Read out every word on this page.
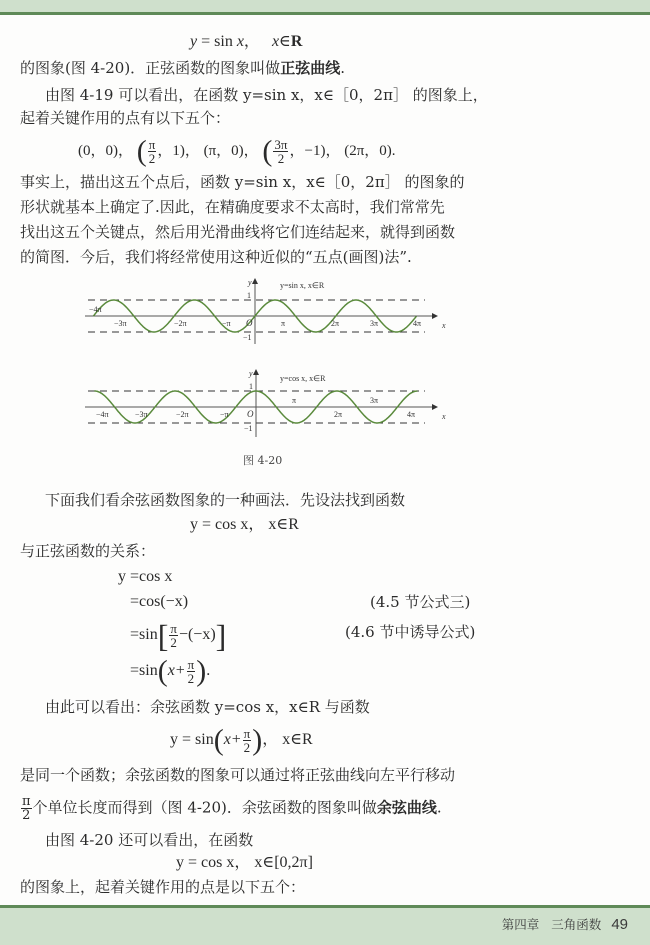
y = sin x， x∈R
的图象(图 4-20)．正弦函数的图象叫做正弦曲线.
由图 4-19 可以看出，在函数 y=sin x，x∈［0，2π］ 的图象上，
起着关键作用的点有以下五个：
(0，0)， ( $\frac{\pi}{2}$ ，1)， (π，0)， ( $\frac{3\pi}{2}$ ，−1)， (2π，0).
事实上，描出这五个点后，函数 y=sin x，x∈［0，2π］ 的图象的
形状就基本上确定了.因此，在精确度要求不太高时，我们常常先
找出这五个关键点，然后用光滑曲线将它们连结起来，就得到函数
的简图．今后，我们将经常使用这种近似的“五点(画图)法”.
x
y
O
1
−1
−4π
−3π	−2π	−π	π	2π	3π	4π
y=sin x, x∈R
x
y
O
1
−1
−4π	−3π	−2π	−π
π
2π
3π
4π
y=cos x, x∈R
图 4-20
下面我们看余弦函数图象的一种画法．先设法找到函数
y = cos x， x∈R
与正弦函数的关系：
y =cos x
=cos(−x)	(4.5 节公式三)
$=\sin[ \frac{\pi}{2} -(-x)]$	(4.6 节中诱导公式)
$=\sin(x+ \frac{\pi}{2}$ ).
由此可以看出：余弦函数 y=cos x，x∈R 与函数
$y = \sin(x+ \frac{\pi}{2}$ )， x∈R
是同一个函数；余弦函数的图象可以通过将正弦曲线向左平行移动
$\frac{\pi}{2}$ 个单位长度而得到（图 4-20)．余弦函数的图象叫做余弦曲线.
由图 4-20 还可以看出，在函数
y = cos x， x∈[0,2π]
的图象上，起着关键作用的点是以下五个：
第四章 三角函数 49
